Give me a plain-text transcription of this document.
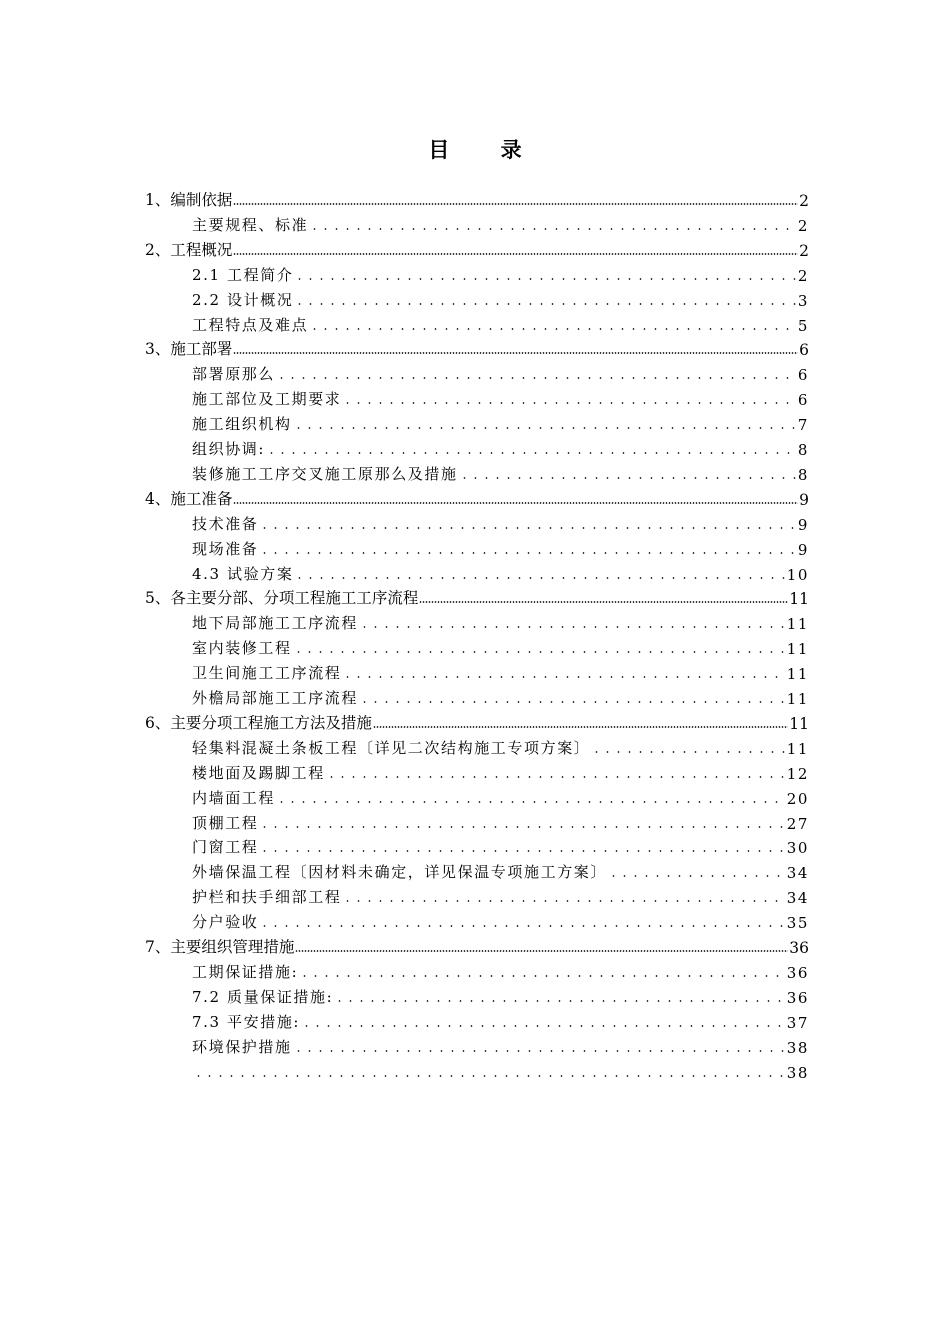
目 录
1、编制依据	2
主要规程、标准	2
2、工程概况	2
2.1 工程简介	2
2.2 设计概况	3
工程特点及难点	5
3、施工部署	6
部署原那么	6
施工部位及工期要求	6
施工组织机构	7
组织协调:	8
装修施工工序交叉施工原那么及措施	8
4、施工准备	9
技术准备	9
现场准备	9
4.3 试验方案	10
5、各主要分部、分项工程施工工序流程	11
地下局部施工工序流程	11
室内装修工程	11
卫生间施工工序流程	11
外檐局部施工工序流程	11
6、主要分项工程施工方法及措施	11
轻集料混凝土条板工程〔详见二次结构施工专项方案〕	11
楼地面及踢脚工程	12
内墙面工程	20
顶棚工程	27
门窗工程	30
外墙保温工程〔因材料未确定，详见保温专项施工方案〕	34
护栏和扶手细部工程	34
分户验收	35
7、主要组织管理措施	36
工期保证措施:	36
7.2 质量保证措施:	36
7.3 平安措施:	37
环境保护措施	38
38
